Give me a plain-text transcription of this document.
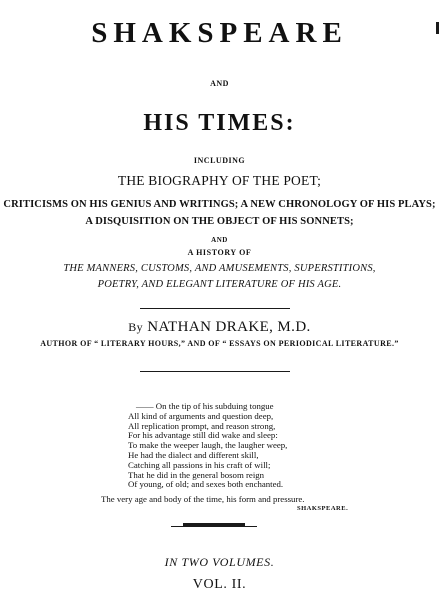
SHAKSPEARE
AND
HIS TIMES:
INCLUDING
THE BIOGRAPHY OF THE POET;
CRITICISMS ON HIS GENIUS AND WRITINGS; A NEW CHRONOLOGY OF HIS PLAYS;
A DISQUISITION ON THE OBJECT OF HIS SONNETS;
AND
A HISTORY OF
THE MANNERS, CUSTOMS, AND AMUSEMENTS, SUPERSTITIONS,
POETRY, AND ELEGANT LITERATURE OF HIS AGE.
By NATHAN DRAKE, M.D.
AUTHOR OF “ LITERARY HOURS,” AND OF “ ESSAYS ON PERIODICAL LITERATURE.”
—— On the tip of his subduing tongue
All kind of arguments and question deep,
All replication prompt, and reason strong,
For his advantage still did wake and sleep:
To make the weeper laugh, the laugher weep,
He had the dialect and different skill,
Catching all passions in his craft of will;
That he did in the general bosom reign
Of young, of old; and sexes both enchanted.
The very age and body of the time, his form and pressure.
SHAKSPEARE.
IN TWO VOLUMES.
VOL. II.
